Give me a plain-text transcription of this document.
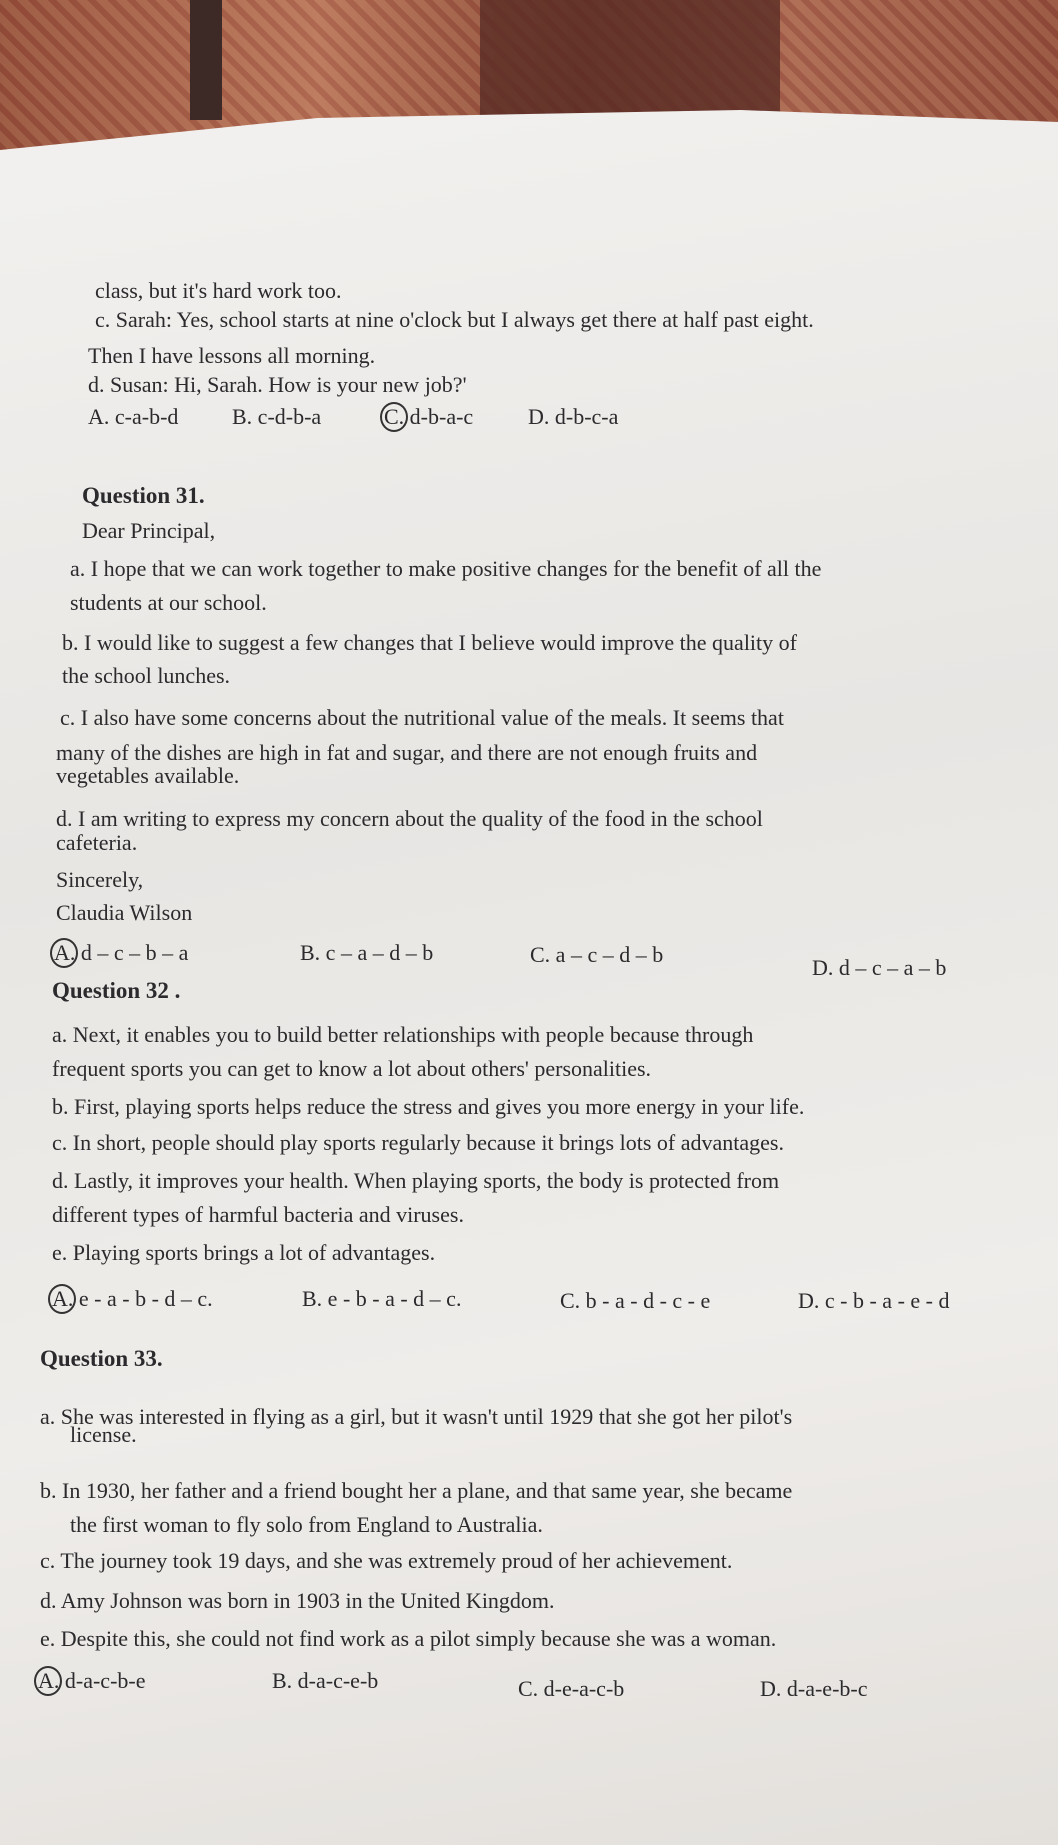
class, but it's hard work too.
c. Sarah: Yes, school starts at nine o'clock but I always get there at half past eight.
Then I have lessons all morning.
d. Susan: Hi, Sarah. How is your new job?'
A. c-a-b-d B. c-d-b-a	C. d-b-a-c D. d-b-c-a
Question 31.
Dear Principal,
a. I hope that we can work together to make positive changes for the benefit of all the
students at our school.
b. I would like to suggest a few changes that I believe would improve the quality of
the school lunches.
c. I also have some concerns about the nutritional value of the meals. It seems that
many of the dishes are high in fat and sugar, and there are not enough fruits and
vegetables available.
d. I am writing to express my concern about the quality of the food in the school
cafeteria.
Sincerely,
Claudia Wilson
A. d – c – b – a	B. c – a – d – b	C. a – c – d – b
D. d – c – a – b
Question 32 .
a. Next, it enables you to build better relationships with people because through
frequent sports you can get to know a lot about others' personalities.
b. First, playing sports helps reduce the stress and gives you more energy in your life.
c. In short, people should play sports regularly because it brings lots of advantages.
d. Lastly, it improves your health. When playing sports, the body is protected from
different types of harmful bacteria and viruses.
e. Playing sports brings a lot of advantages.
A. e - a - b - d – c.	B. e - b - a - d – c.	C. b - a - d - c - e	D. c - b - a - e - d
Question 33.
a. She was interested in flying as a girl, but it wasn't until 1929 that she got her pilot's
license.
b. In 1930, her father and a friend bought her a plane, and that same year, she became
the first woman to fly solo from England to Australia.
c. The journey took 19 days, and she was extremely proud of her achievement.
d. Amy Johnson was born in 1903 in the United Kingdom.
e. Despite this, she could not find work as a pilot simply because she was a woman.
A. d-a-c-b-e	B. d-a-c-e-b	C. d-e-a-c-b	D. d-a-e-b-c
